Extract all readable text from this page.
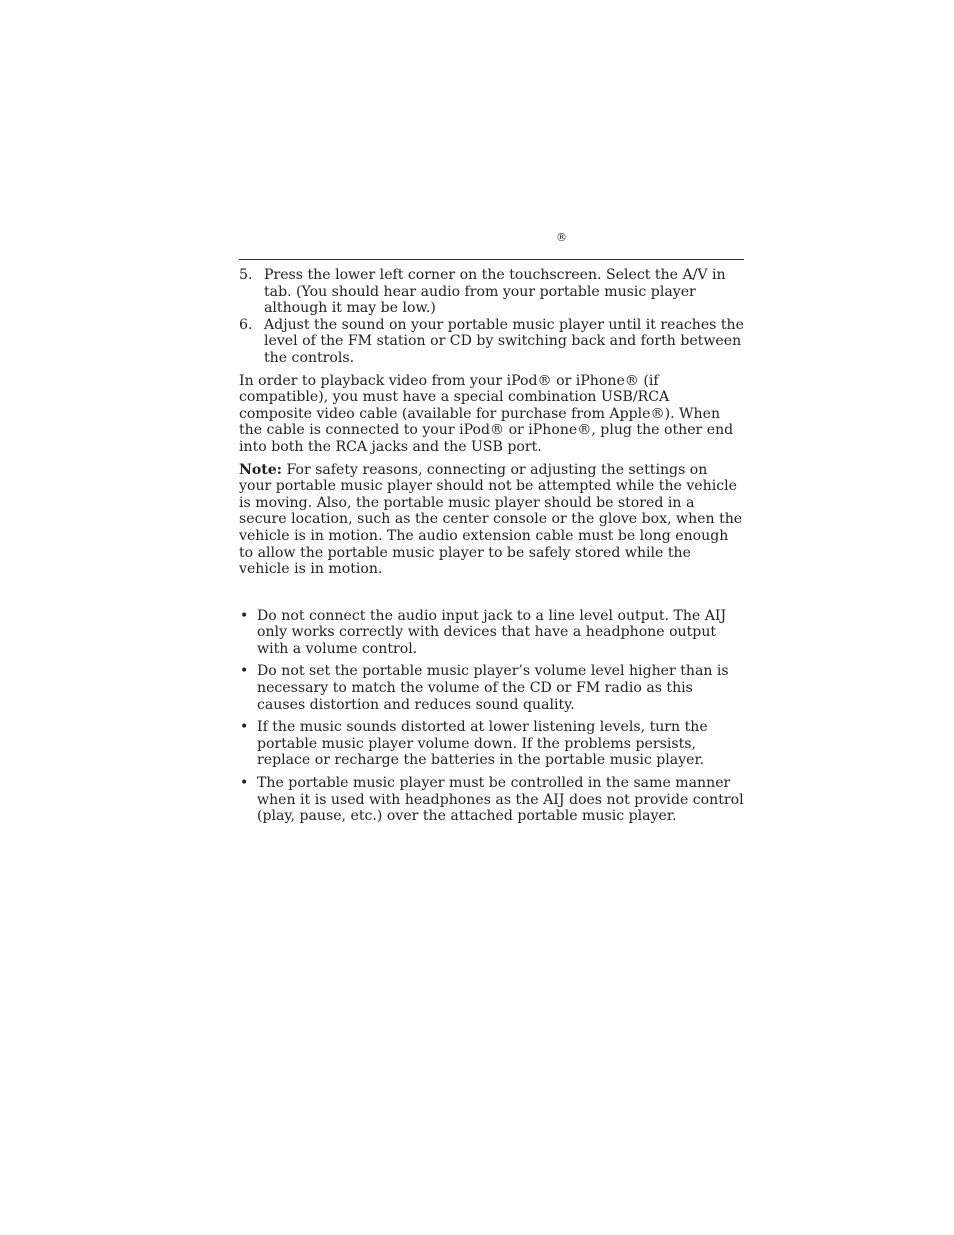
®
5. Press the lower left corner on the touchscreen. Select the A/V in tab. (You should hear audio from your portable music player although it may be low.)
6. Adjust the sound on your portable music player until it reaches the level of the FM station or CD by switching back and forth between the controls.

In order to playback video from your iPod® or iPhone® (if compatible), you must have a special combination USB/RCA composite video cable (available for purchase from Apple®). When the cable is connected to your iPod® or iPhone®, plug the other end into both the RCA jacks and the USB port.

Note: For safety reasons, connecting or adjusting the settings on your portable music player should not be attempted while the vehicle is moving. Also, the portable music player should be stored in a secure location, such as the center console or the glove box, when the vehicle is in motion. The audio extension cable must be long enough to allow the portable music player to be safely stored while the vehicle is in motion.

• Do not connect the audio input jack to a line level output. The AIJ only works correctly with devices that have a headphone output with a volume control.
• Do not set the portable music player’s volume level higher than is necessary to match the volume of the CD or FM radio as this causes distortion and reduces sound quality.
• If the music sounds distorted at lower listening levels, turn the portable music player volume down. If the problems persists, replace or recharge the batteries in the portable music player.
• The portable music player must be controlled in the same manner when it is used with headphones as the AIJ does not provide control (play, pause, etc.) over the attached portable music player.
